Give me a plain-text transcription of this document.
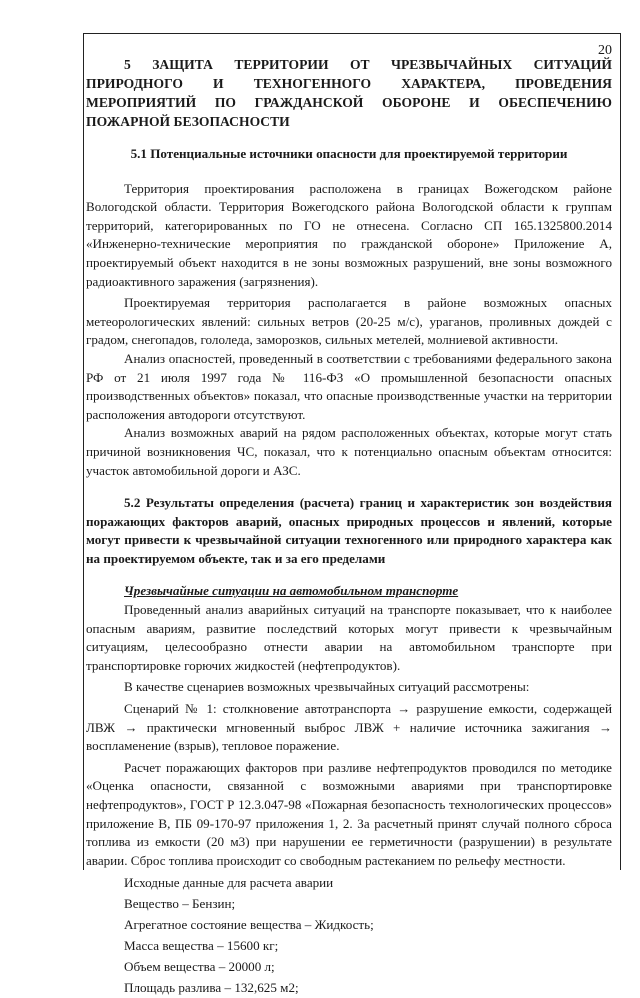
20
5 ЗАЩИТА ТЕРРИТОРИИ ОТ ЧРЕЗВЫЧАЙНЫХ СИТУАЦИЙ ПРИРОДНОГО И ТЕХНОГЕННОГО ХАРАКТЕРА, ПРОВЕДЕНИЯ МЕРОПРИЯТИЙ ПО ГРАЖДАНСКОЙ ОБОРОНЕ И ОБЕСПЕЧЕНИЮ ПОЖАРНОЙ БЕЗОПАСНОСТИ
5.1 Потенциальные источники опасности для проектируемой территории

Территория проектирования расположена в границах Вожегодском районе Вологодской области. Территория Вожегодского района Вологодской области к группам территорий, категорированных по ГО не отнесена. Согласно СП 165.1325800.2014 «Инженерно-технические мероприятия по гражданской обороне» Приложение А, проектируемый объект находится в не зоны возможных разрушений, вне зоны возможного радиоактивного заражения (загрязнения).

Проектируемая территория располагается в районе возможных опасных метеорологических явлений: сильных ветров (20-25 м/с), ураганов, проливных дождей с градом, снегопадов, гололеда, заморозков, сильных метелей, молниевой активности.

Анализ опасностей, проведенный в соответствии с требованиями федерального закона РФ от 21 июля 1997 года № 116-ФЗ «О промышленной безопасности опасных производственных объектов» показал, что опасные производственные участки на территории расположения автодороги отсутствуют.

Анализ возможных аварий на рядом расположенных объектах, которые могут стать причиной возникновения ЧС, показал, что к потенциально опасным объектам относится: участок автомобильной дороги и АЗС.

5.2 Результаты определения (расчета) границ и характеристик зон воздействия поражающих факторов аварий, опасных природных процессов и явлений, которые могут привести к чрезвычайной ситуации техногенного или природного характера как на проектируемом объекте, так и за его пределами

Чрезвычайные ситуации на автомобильном транспорте

Проведенный анализ аварийных ситуаций на транспорте показывает, что к наиболее опасным авариям, развитие последствий которых могут привести к чрезвычайным ситуациям, целесообразно отнести аварии на автомобильном транспорте при транспортировке горючих жидкостей (нефтепродуктов).

В качестве сценариев возможных чрезвычайных ситуаций рассмотрены:

Сценарий № 1: столкновение автотранспорта → разрушение емкости, содержащей ЛВЖ → практически мгновенный выброс ЛВЖ + наличие источника зажигания → воспламенение (взрыв), тепловое поражение.

Расчет поражающих факторов при разливе нефтепродуктов проводился по методике «Оценка опасности, связанной с возможными авариями при транспортировке нефтепродуктов», ГОСТ Р 12.3.047-98 «Пожарная безопасность технологических процессов» приложение В, ПБ 09-170-97 приложения 1, 2. За расчетный принят случай полного сброса топлива из емкости (20 м3) при нарушении ее герметичности (разрушении) в результате аварии. Сброс топлива происходит со свободным растеканием по рельефу местности.

Исходные данные для расчета аварии
Вещество – Бензин;
Агрегатное состояние вещества – Жидкость;
Масса вещества – 15600 кг;
Объем вещества – 20000 л;
Площадь разлива – 132,625 м2;
